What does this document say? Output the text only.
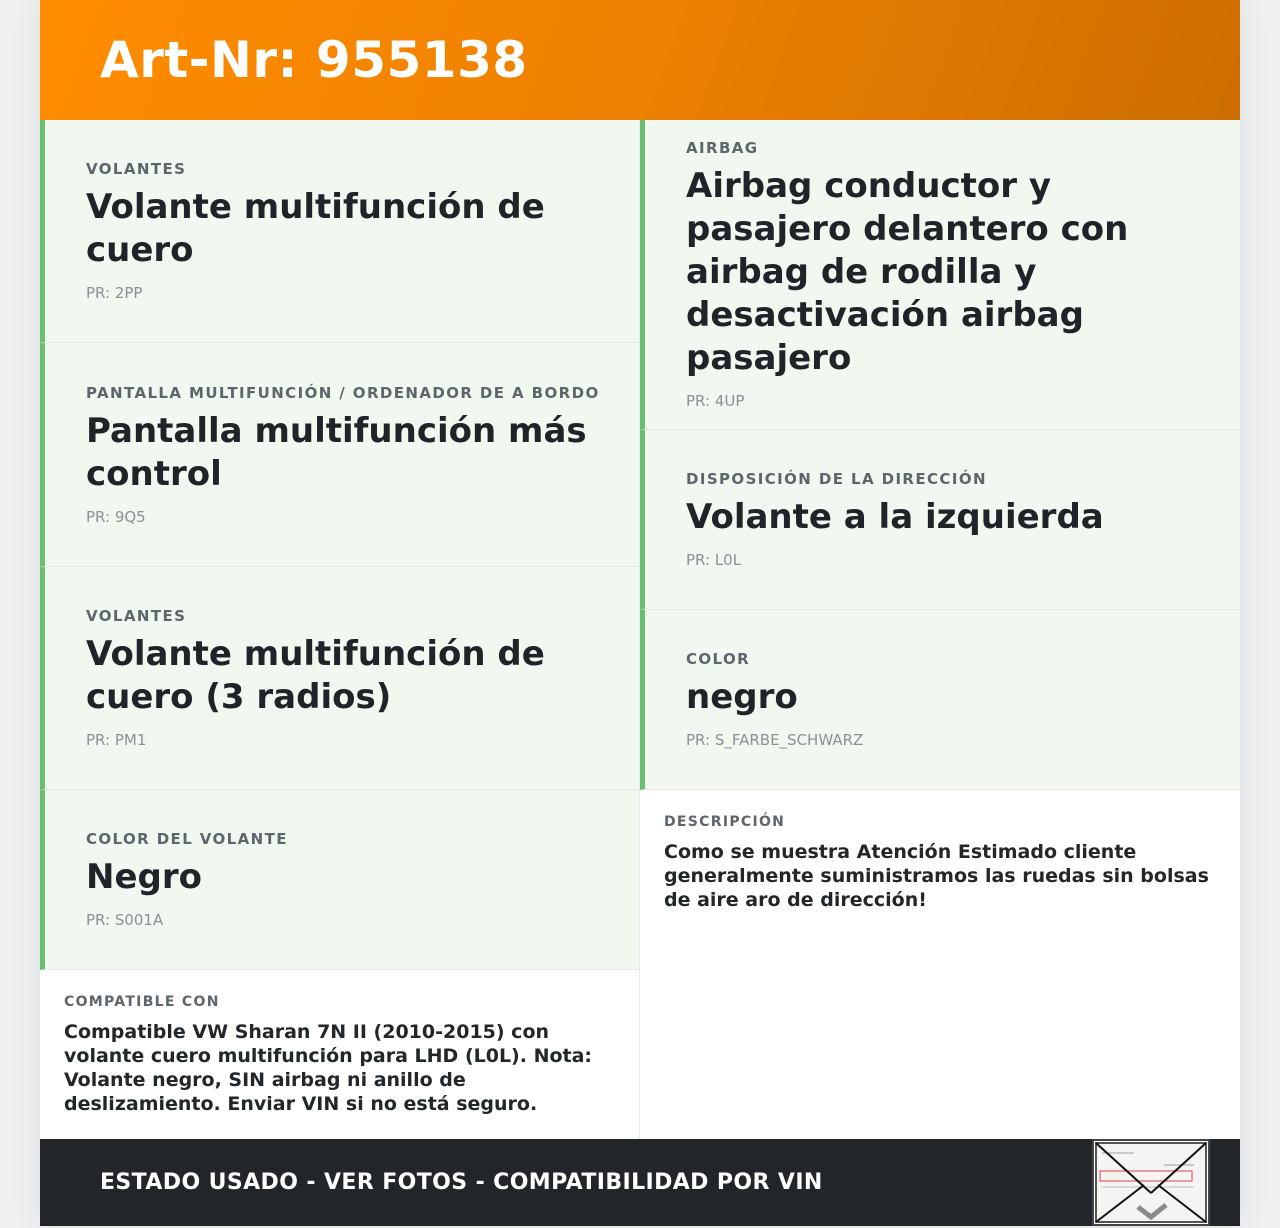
Art-Nr: 955138
VOLANTES
Volante multifunción de cuero
PR: 2PP
PANTALLA MULTIFUNCIÓN / ORDENADOR DE A BORDO
Pantalla multifunción más control
PR: 9Q5
VOLANTES
Volante multifunción de cuero (3 radios)
PR: PM1
COLOR DEL VOLANTE
Negro
PR: S001A
COMPATIBLE CON
Compatible VW Sharan 7N II (2010-2015) con volante cuero multifunción para LHD (L0L). Nota: Volante negro, SIN airbag ni anillo de deslizamiento. Enviar VIN si no está seguro.
AIRBAG
Airbag conductor y pasajero delantero con airbag de rodilla y desactivación airbag pasajero
PR: 4UP
DISPOSICIÓN DE LA DIRECCIÓN
Volante a la izquierda
PR: L0L
COLOR
negro
PR: S_FARBE_SCHWARZ
DESCRIPCIÓN
Como se muestra Atención Estimado cliente generalmente suministramos las ruedas sin bolsas de aire aro de dirección!
ESTADO USADO - VER FOTOS - COMPATIBILIDAD POR VIN
